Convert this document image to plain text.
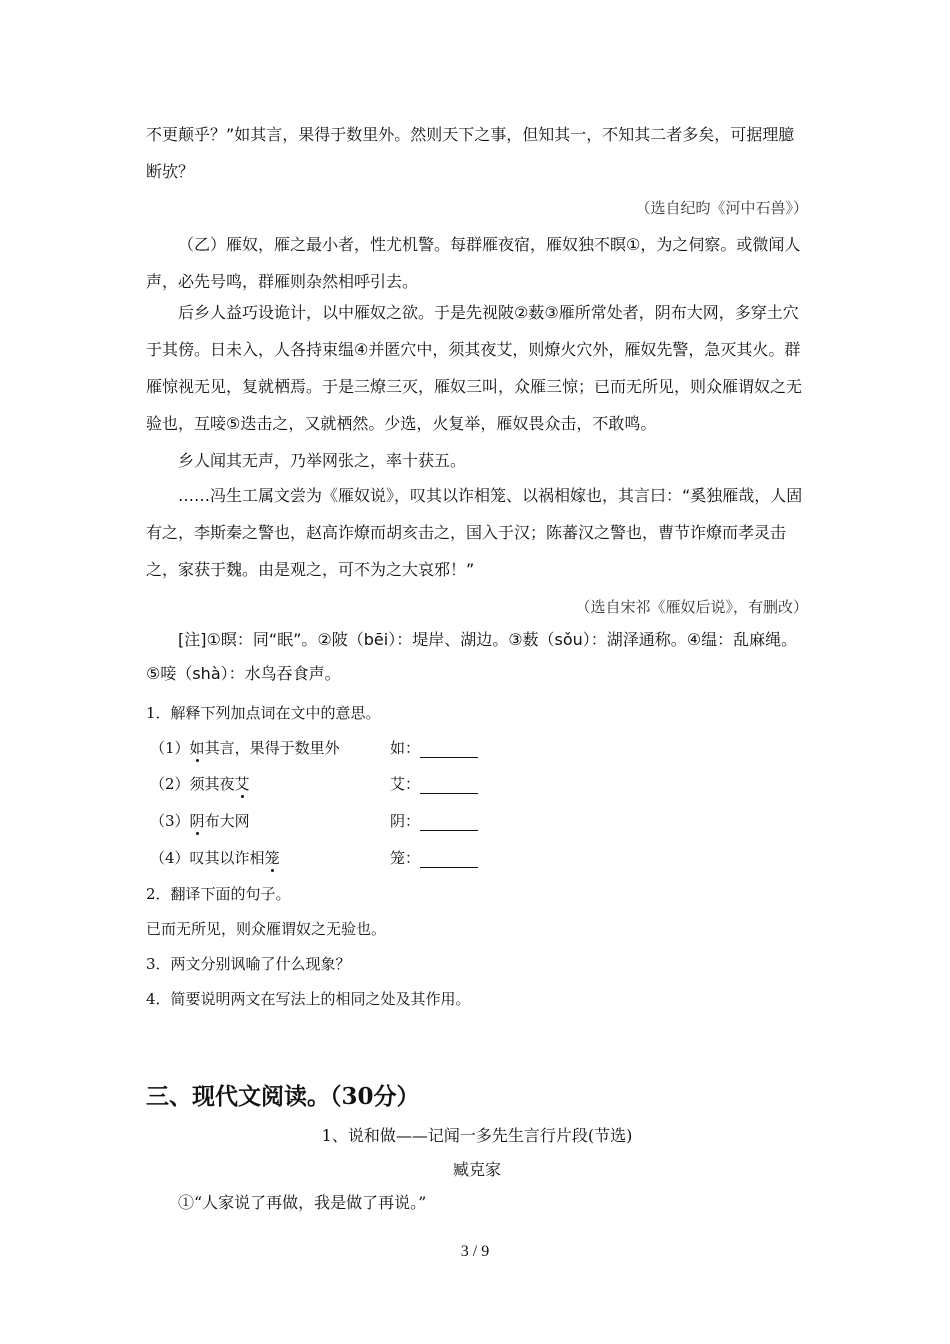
不更颠乎？”如其言，果得于数里外。然则天下之事，但知其一，不知其二者多矣，可据理臆断欤？

（选自纪昀《河中石兽》）

（乙）雁奴，雁之最小者，性尤机警。每群雁夜宿，雁奴独不瞑①，为之伺察。或微闻人声，必先号鸣，群雁则杂然相呼引去。

后乡人益巧设诡计，以中雁奴之欲。于是先视陂②薮③雁所常处者，阴布大网，多穿土穴于其傍。日未入，人各持束缊④并匿穴中，须其夜艾，则燎火穴外，雁奴先警，急灭其火。群雁惊视无见，复就栖焉。于是三燎三灭，雁奴三叫，众雁三惊；已而无所见，则众雁谓奴之无验也，互唼⑤迭击之，又就栖然。少选，火复举，雁奴畏众击，不敢鸣。

乡人闻其无声，乃举网张之，率十获五。

……冯生工属文尝为《雁奴说》，叹其以诈相笼、以祸相嫁也，其言曰：“奚独雁哉，人固有之，李斯秦之警也，赵高诈燎而胡亥击之，国入于汉；陈蕃汉之警也，曹节诈燎而孝灵击之，家获于魏。由是观之，可不为之大哀邪！”

（选自宋祁《雁奴后说》，有删改）

[注]①瞑：同“眠”。②陂（bēi）：堤岸、湖边。③薮（sǒu）：湖泽通称。④缊：乱麻绳。⑤唼（shà）：水鸟吞食声。

1．解释下列加点词在文中的意思。
（1）如其言，果得于数里外	如：
（2）须其夜艾	艾：
（3）阴布大网	阴：
（4）叹其以诈相笼	笼：
2．翻译下面的句子。
已而无所见，则众雁谓奴之无验也。
3．两文分别讽喻了什么现象？
4．简要说明两文在写法上的相同之处及其作用。
三、现代文阅读。（30分）
1、说和做——记闻一多先生言行片段(节选)
臧克家
①“人家说了再做，我是做了再说。”
3 / 9
